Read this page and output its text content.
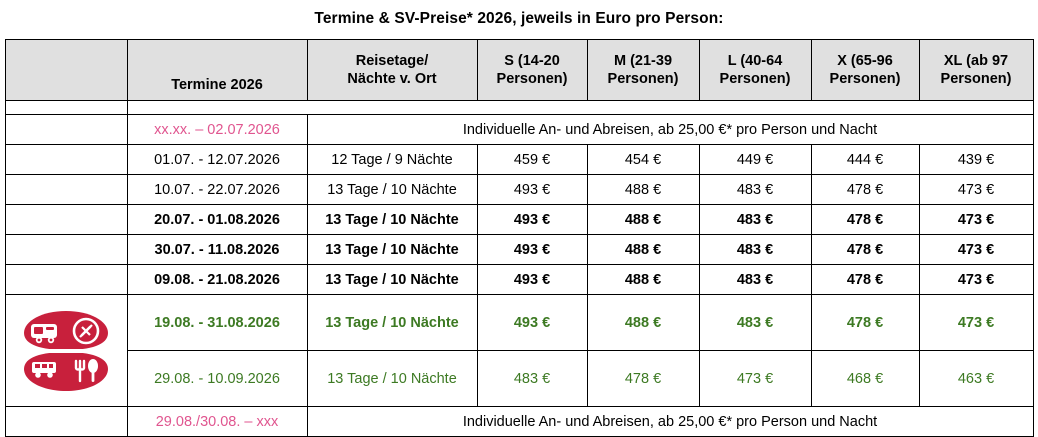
Termine & SV-Preise* 2026, jeweils in Euro pro Person:
	Termine 2026	Reisetage/
Nächte v. Ort	S (14-20
Personen)	M (21-39
Personen)	L (40-64
Personen)	X (65-96
Personen)	XL (ab 97
Personen)

	xx.xx. – 02.07.2026	Individuelle An- und Abreisen, ab 25,00 €* pro Person und Nacht					
	01.07. - 12.07.2026	12 Tage / 9 Nächte	459 €	454 €	449 €	444 €	439 €
	10.07. - 22.07.2026	13 Tage / 10 Nächte	493 €	488 €	483 €	478 €	473 €
	20.07. - 01.08.2026	13 Tage / 10 Nächte	493 €	488 €	483 €	478 €	473 €
	30.07. - 11.08.2026	13 Tage / 10 Nächte	493 €	488 €	483 €	478 €	473 €
	09.08. - 21.08.2026	13 Tage / 10 Nächte	493 €	488 €	483 €	478 €	473 €

	19.08. - 31.08.2026	13 Tage / 10 Nächte	493 €	488 €	483 €	478 €	473 €
	29.08. - 10.09.2026	13 Tage / 10 Nächte	483 €	478 €	473 €	468 €	463 €
	29.08./30.08. – xxx	Individuelle An- und Abreisen, ab 25,00 €* pro Person und Nacht					
